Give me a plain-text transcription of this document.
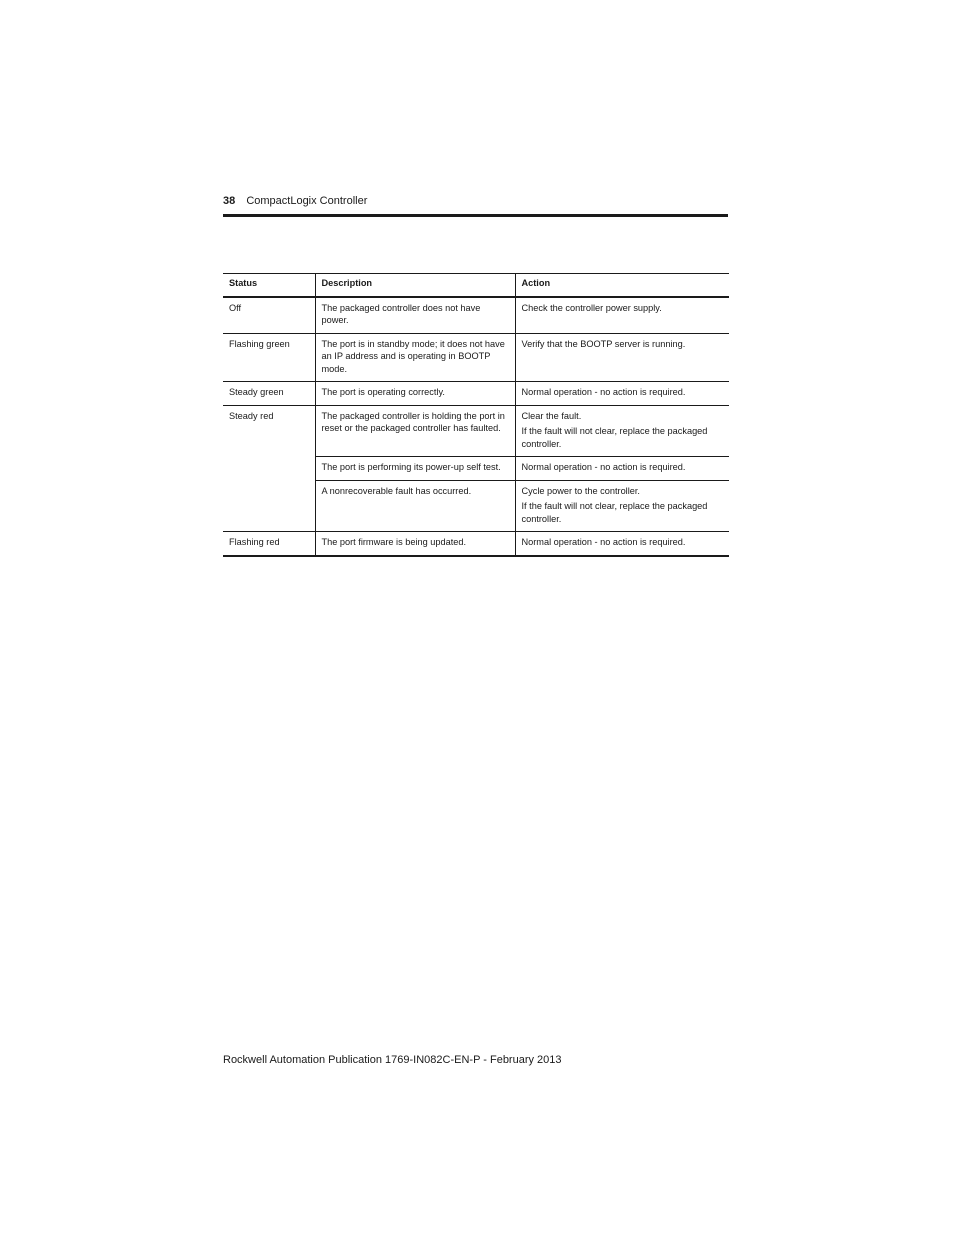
38 CompactLogix Controller
Status	Description	Action
Off	The packaged controller does not have power.	Check the controller power supply.

Flashing green	The port is in standby mode; it does not have an IP address and is operating in BOOTP mode.	Verify that the BOOTP server is running.

Steady green	The port is operating correctly.	Normal operation - no action is required.

Steady red	The packaged controller is holding the port in reset or the packaged controller has faulted.	Clear the fault.
If the fault will not clear, replace the packaged controller.

	The port is performing its power-up self test.	Normal operation - no action is required.

	A nonrecoverable fault has occurred.	Cycle power to the controller.
If the fault will not clear, replace the packaged controller.

Flashing red	The port firmware is being updated.	Normal operation - no action is required.
Rockwell Automation Publication 1769-IN082C-EN-P - February 2013
